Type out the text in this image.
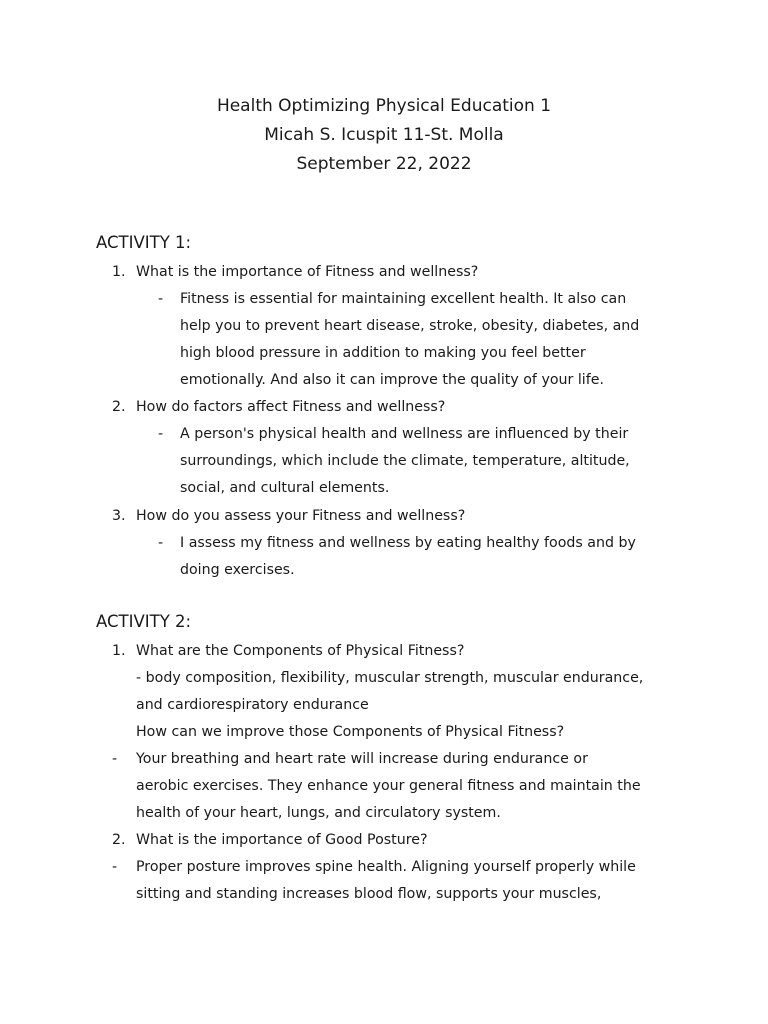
Health Optimizing Physical Education 1
Micah S. Icuspit 11-St. Molla
September 22, 2022
ACTIVITY 1:
1. What is the importance of Fitness and wellness?
- Fitness is essential for maintaining excellent health. It also can
help you to prevent heart disease, stroke, obesity, diabetes, and
high blood pressure in addition to making you feel better
emotionally. And also it can improve the quality of your life.
2. How do factors affect Fitness and wellness?
- A person's physical health and wellness are influenced by their
surroundings, which include the climate, temperature, altitude,
social, and cultural elements.
3. How do you assess your Fitness and wellness?
- I assess my fitness and wellness by eating healthy foods and by
doing exercises.
ACTIVITY 2:
1. What are the Components of Physical Fitness?
- body composition, flexibility, muscular strength, muscular endurance,
and cardiorespiratory endurance
How can we improve those Components of Physical Fitness?
- Your breathing and heart rate will increase during endurance or
aerobic exercises. They enhance your general fitness and maintain the
health of your heart, lungs, and circulatory system.
2. What is the importance of Good Posture?
- Proper posture improves spine health. Aligning yourself properly while
sitting and standing increases blood flow, supports your muscles,
